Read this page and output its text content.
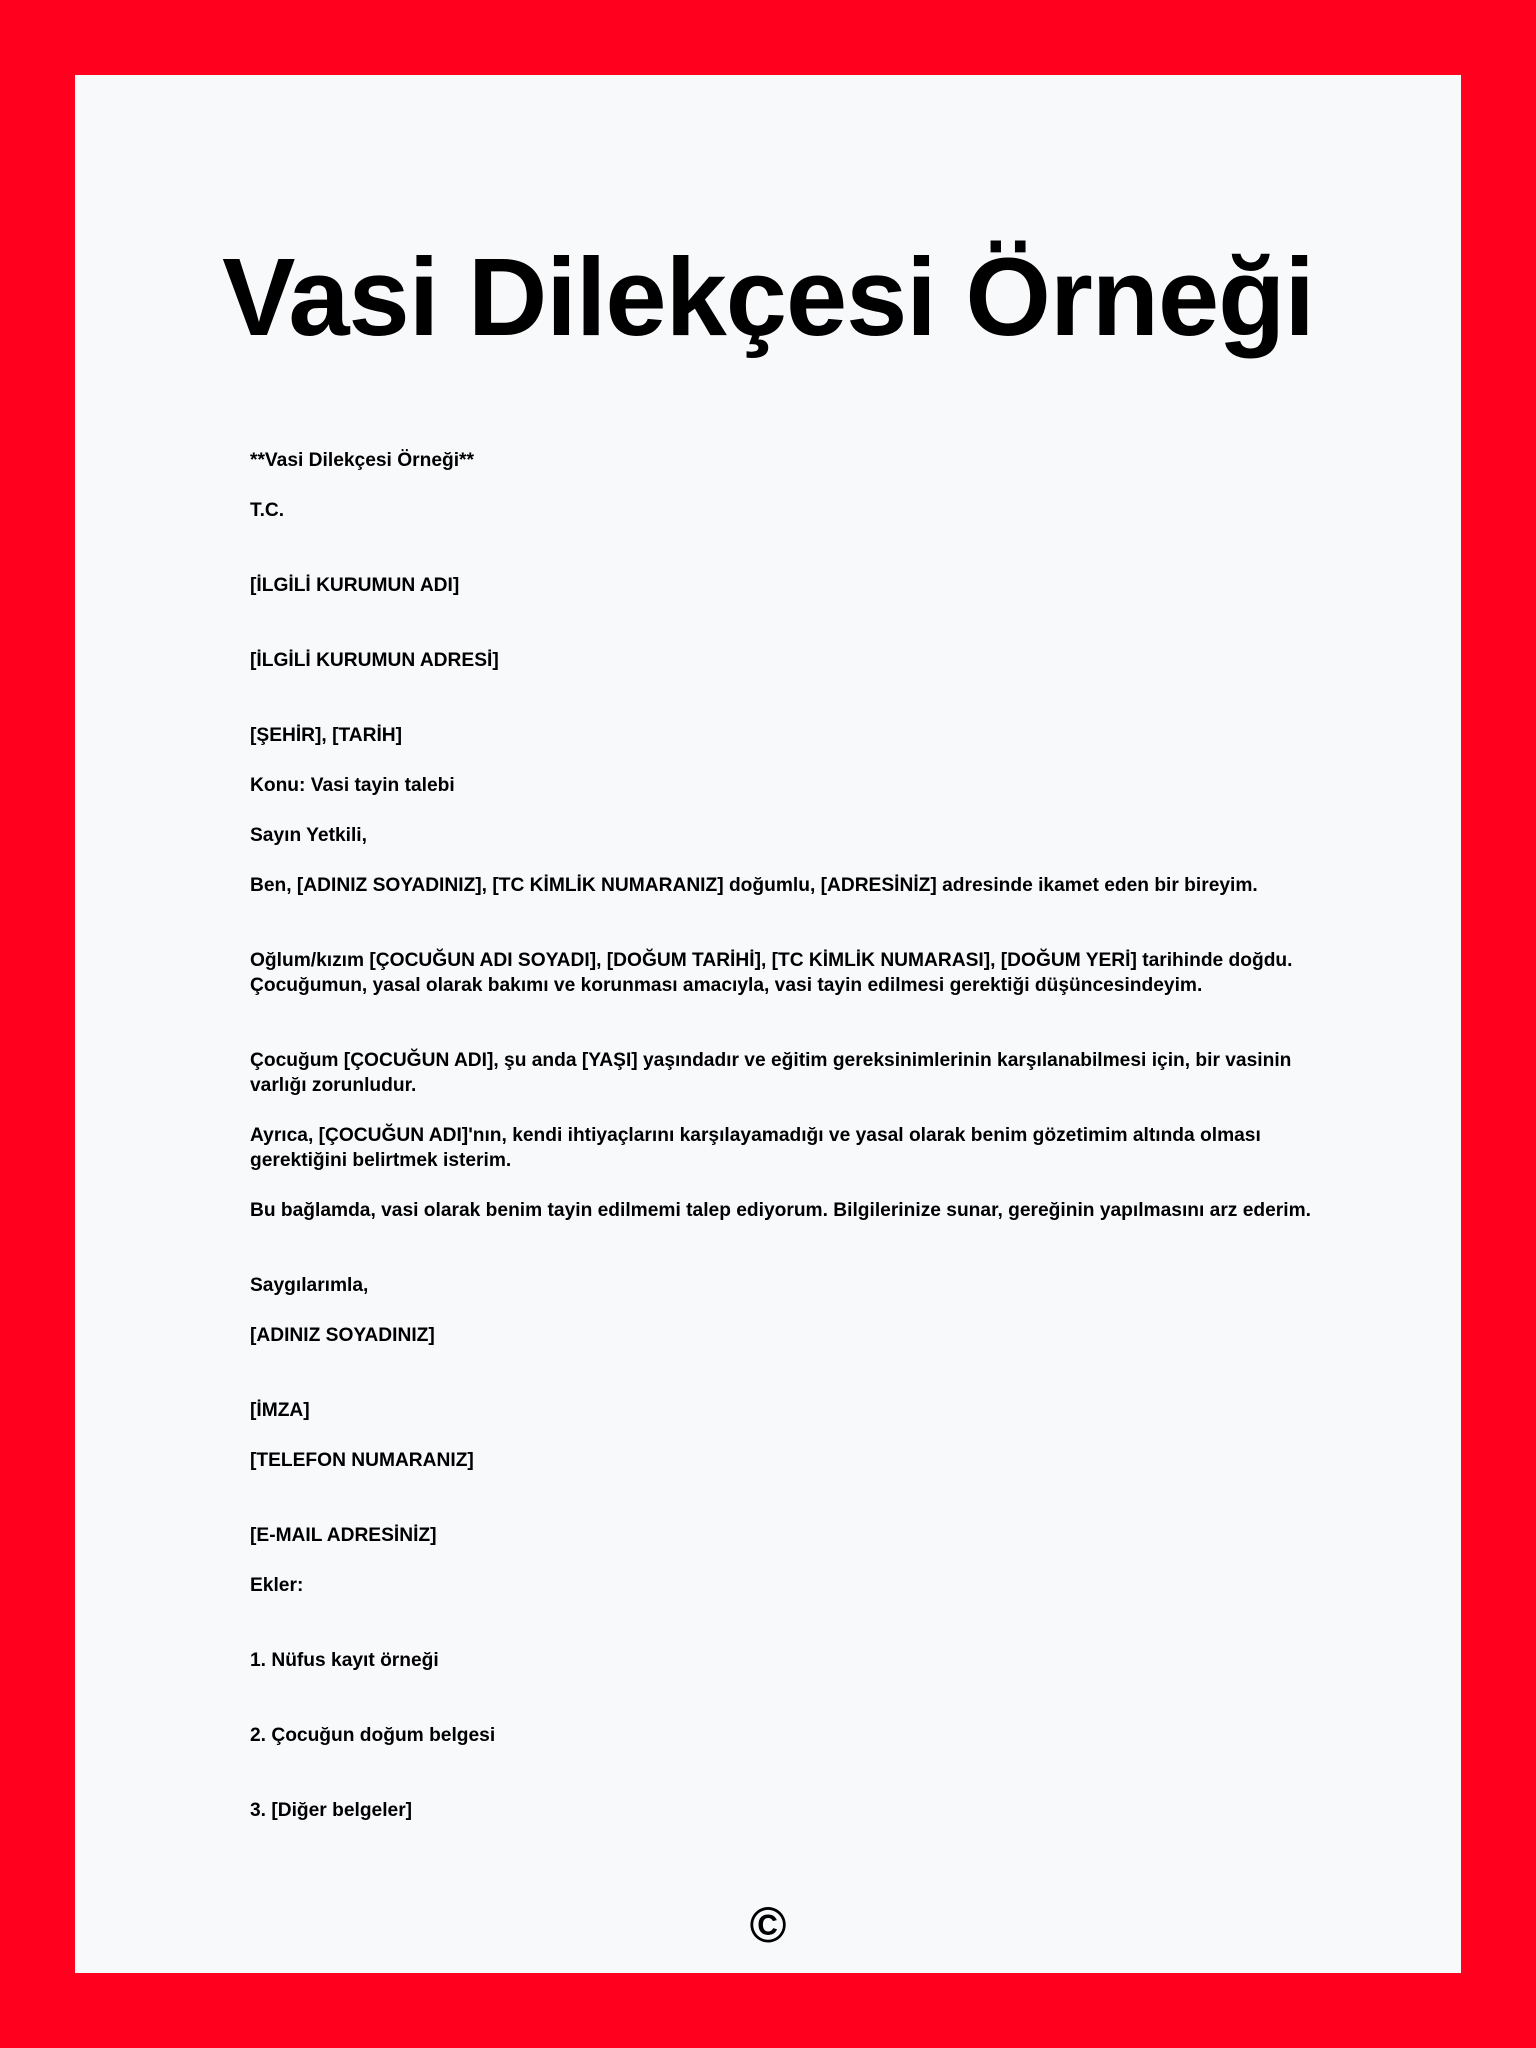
Vasi Dilekçesi Örneği
**Vasi Dilekçesi Örneği**
T.C.
[İLGİLİ KURUMUN ADI]
[İLGİLİ KURUMUN ADRESİ]
[ŞEHİR], [TARİH]
Konu: Vasi tayin talebi
Sayın Yetkili,
Ben, [ADINIZ SOYADINIZ], [TC KİMLİK NUMARANIZ] doğumlu, [ADRESİNİZ] adresinde ikamet eden bir bireyim.
Oğlum/kızım [ÇOCUĞUN ADI SOYADI], [DOĞUM TARİHİ], [TC KİMLİK NUMARASI], [DOĞUM YERİ] tarihinde doğdu. Çocuğumun, yasal olarak bakımı ve korunması amacıyla, vasi tayin edilmesi gerektiği düşüncesindeyim.
Çocuğum [ÇOCUĞUN ADI], şu anda [YAŞI] yaşındadır ve eğitim gereksinimlerinin karşılanabilmesi için, bir vasinin varlığı zorunludur.
Ayrıca, [ÇOCUĞUN ADI]'nın, kendi ihtiyaçlarını karşılayamadığı ve yasal olarak benim gözetimim altında olması gerektiğini belirtmek isterim.
Bu bağlamda, vasi olarak benim tayin edilmemi talep ediyorum. Bilgilerinize sunar, gereğinin yapılmasını arz ederim.
Saygılarımla,
[ADINIZ SOYADINIZ]
[İMZA]
[TELEFON NUMARANIZ]
[E-MAIL ADRESİNİZ]
Ekler:
1. Nüfus kayıt örneği
2. Çocuğun doğum belgesi
3. [Diğer belgeler]
©
